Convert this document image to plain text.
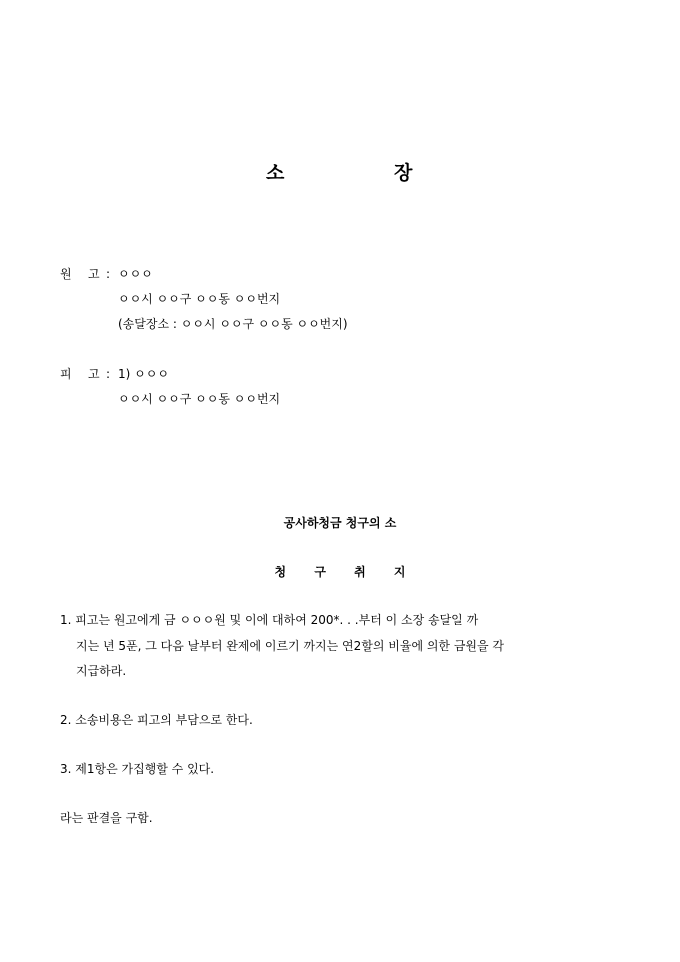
소	장
원 고 : ㅇㅇㅇ
ㅇㅇ시 ㅇㅇ구 ㅇㅇ동 ㅇㅇ번지
(송달장소 : ㅇㅇ시 ㅇㅇ구 ㅇㅇ동 ㅇㅇ번지)
피 고 : 1) ㅇㅇㅇ
ㅇㅇ시 ㅇㅇ구 ㅇㅇ동 ㅇㅇ번지
공사하청금 청구의 소
청 구 취 지
1. 피고는 원고에게 금 ㅇㅇㅇ원 및 이에 대하여 200*. . .부터 이 소장 송달일 까
지는 년 5푼, 그 다음 날부터 완제에 이르기 까지는 연2할의 비율에 의한 금원을 각
지급하라.
2. 소송비용은 피고의 부담으로 한다.
3. 제1항은 가집행할 수 있다.
라는 판결을 구함.
